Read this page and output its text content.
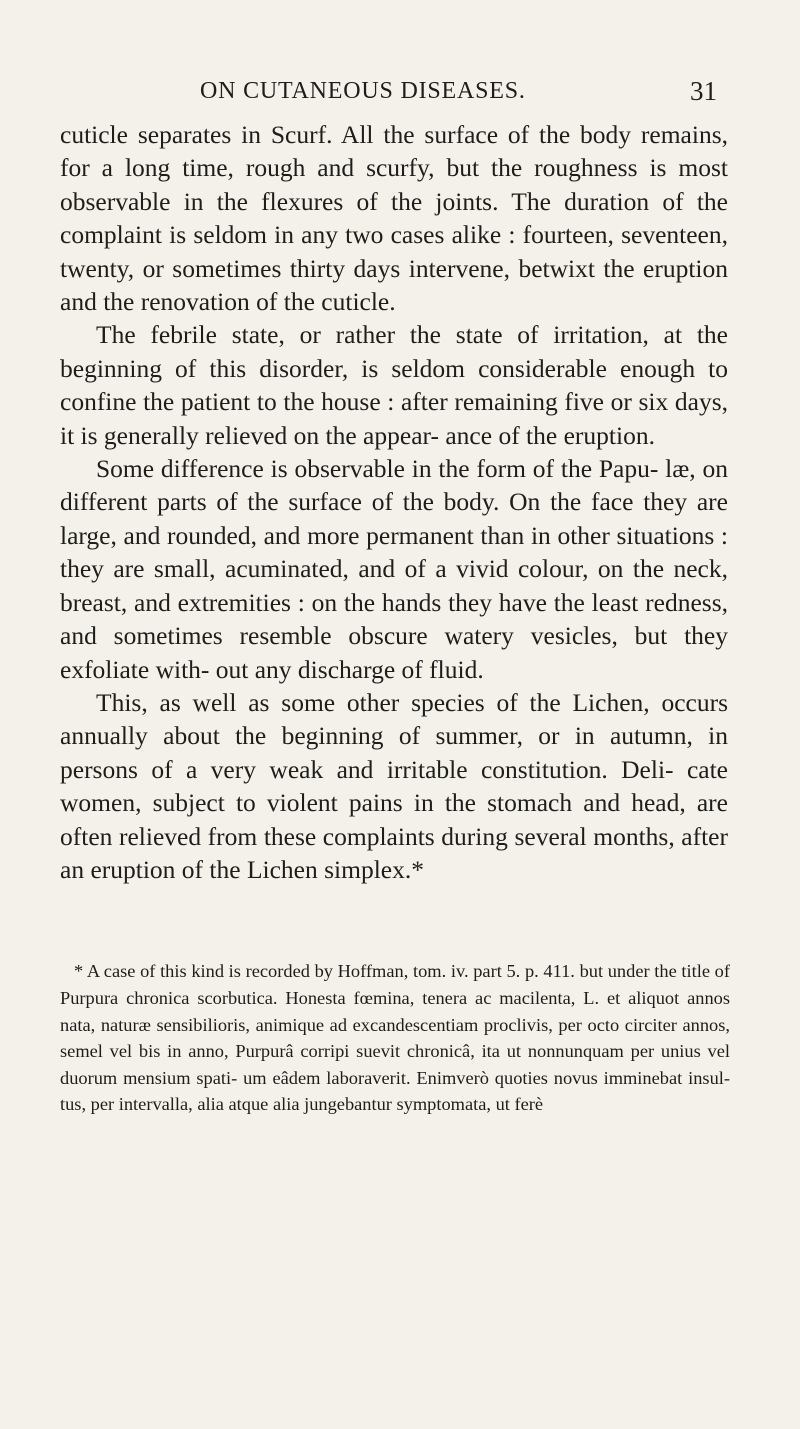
ON CUTANEOUS DISEASES.	31

cuticle separates in Scurf. All the surface of the body remains, for a long time, rough and scurfy, but the roughness is most observable in the flexures of the joints. The duration of the complaint is seldom in any two cases alike : fourteen, seventeen, twenty, or sometimes thirty days intervene, betwixt the eruption and the renovation of the cuticle.

The febrile state, or rather the state of irritation, at the beginning of this disorder, is seldom considerable enough to confine the patient to the house : after remaining five or six days, it is generally relieved on the appear- ance of the eruption.

Some difference is observable in the form of the Papu- læ, on different parts of the surface of the body. On the face they are large, and rounded, and more permanent than in other situations : they are small, acuminated, and of a vivid colour, on the neck, breast, and extremities : on the hands they have the least redness, and sometimes resemble obscure watery vesicles, but they exfoliate with- out any discharge of fluid.

This, as well as some other species of the Lichen, occurs annually about the beginning of summer, or in autumn, in persons of a very weak and irritable constitution. Deli- cate women, subject to violent pains in the stomach and head, are often relieved from these complaints during several months, after an eruption of the Lichen simplex.*

* A case of this kind is recorded by Hoffman, tom. iv. part 5. p. 411. but under the title of Purpura chronica scorbutica. Honesta fœmina, tenera ac macilenta, L. et aliquot annos nata, naturæ sensibilioris, animique ad excandescentiam proclivis, per octo circiter annos, semel vel bis in anno, Purpurâ corripi suevit chronicâ, ita ut nonnunquam per unius vel duorum mensium spati- um eâdem laboraverit. Enimverò quoties novus imminebat insul- tus, per intervalla, alia atque alia jungebantur symptomata, ut ferè
